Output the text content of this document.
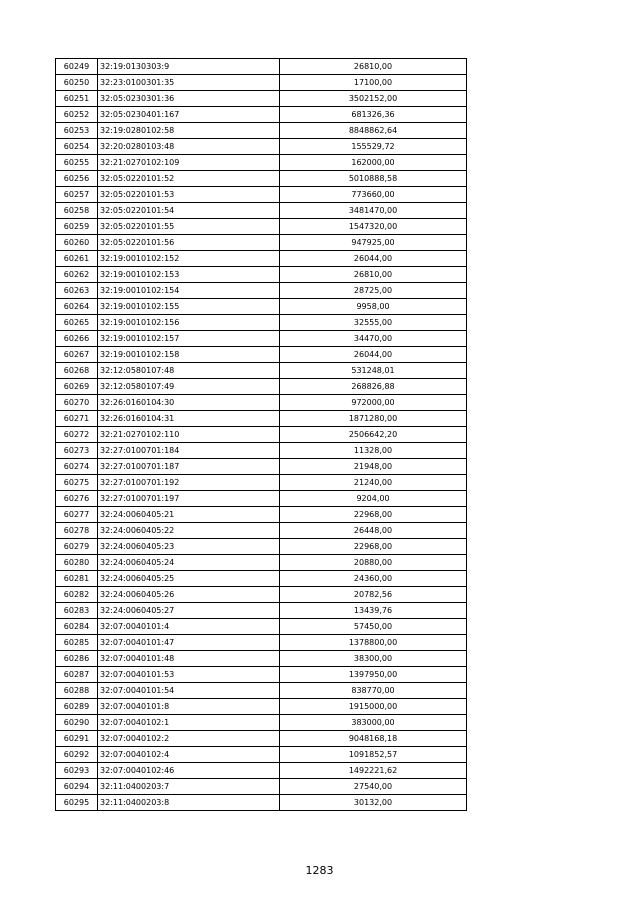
60249	32:19:0130303:9	26810,00
60250	32:23:0100301:35	17100,00
60251	32:05:0230301:36	3502152,00
60252	32:05:0230401:167	681326,36
60253	32:19:0280102:58	8848862,64
60254	32:20:0280103:48	155529,72
60255	32:21:0270102:109	162000,00
60256	32:05:0220101:52	5010888,58
60257	32:05:0220101:53	773660,00
60258	32:05:0220101:54	3481470,00
60259	32:05:0220101:55	1547320,00
60260	32:05:0220101:56	947925,00
60261	32:19:0010102:152	26044,00
60262	32:19:0010102:153	26810,00
60263	32:19:0010102:154	28725,00
60264	32:19:0010102:155	9958,00
60265	32:19:0010102:156	32555,00
60266	32:19:0010102:157	34470,00
60267	32:19:0010102:158	26044,00
60268	32:12:0580107:48	531248,01
60269	32:12:0580107:49	268826,88
60270	32:26:0160104:30	972000,00
60271	32:26:0160104:31	1871280,00
60272	32:21:0270102:110	2506642,20
60273	32:27:0100701:184	11328,00
60274	32:27:0100701:187	21948,00
60275	32:27:0100701:192	21240,00
60276	32:27:0100701:197	9204,00
60277	32:24:0060405:21	22968,00
60278	32:24:0060405:22	26448,00
60279	32:24:0060405:23	22968,00
60280	32:24:0060405:24	20880,00
60281	32:24:0060405:25	24360,00
60282	32:24:0060405:26	20782,56
60283	32:24:0060405:27	13439,76
60284	32:07:0040101:4	57450,00
60285	32:07:0040101:47	1378800,00
60286	32:07:0040101:48	38300,00
60287	32:07:0040101:53	1397950,00
60288	32:07:0040101:54	838770,00
60289	32:07:0040101:8	1915000,00
60290	32:07:0040102:1	383000,00
60291	32:07:0040102:2	9048168,18
60292	32:07:0040102:4	1091852,57
60293	32:07:0040102:46	1492221,62
60294	32:11:0400203:7	27540,00
60295	32:11:0400203:8	30132,00
1283
